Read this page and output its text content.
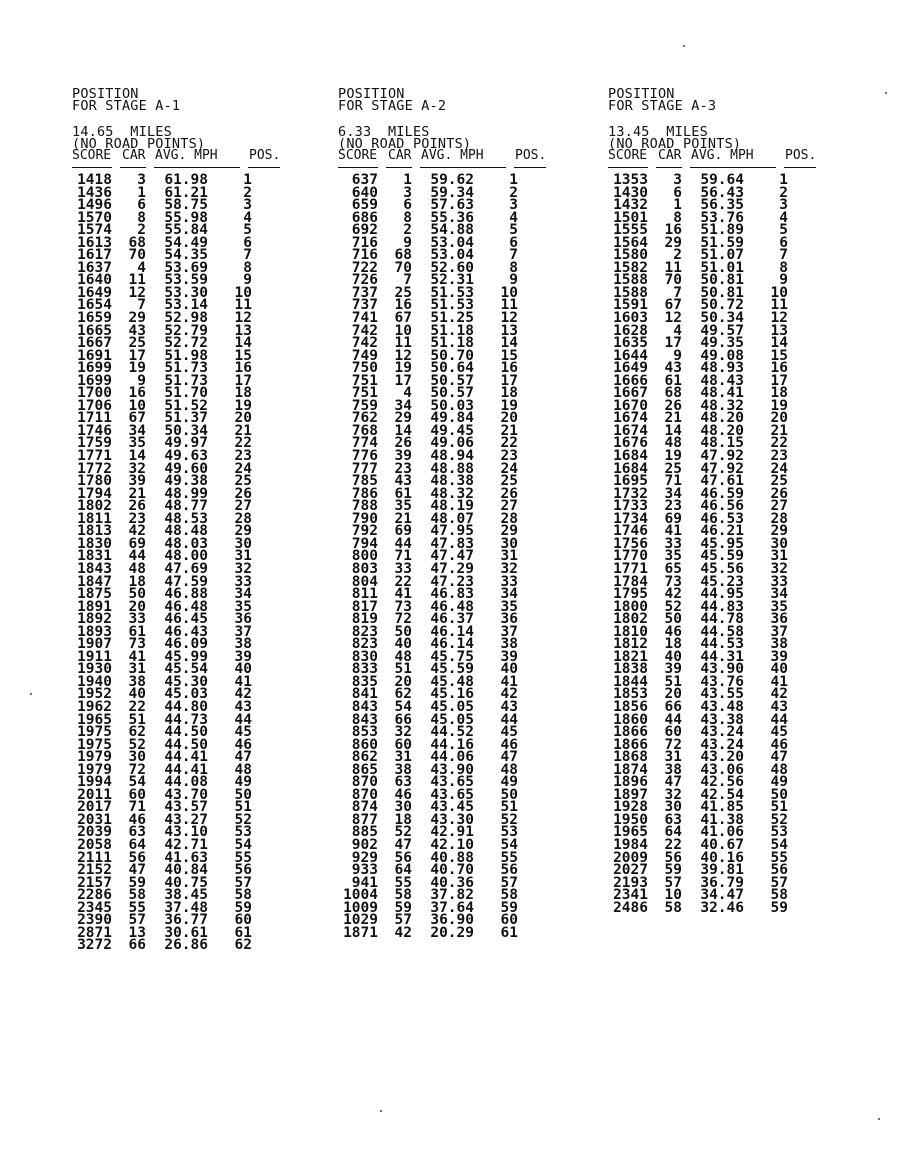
POSITION
FOR STAGE A-1
14.65  MILES
(NO ROAD POINTS)
SCORE CAR AVG. MPH	POS.
1418	3	61.98	1
1436	1	61.21	2
1496	6	58.75	3
1570	8	55.98	4
1574	2	55.84	5
1613	68	54.49	6
1617	70	54.35	7
1637	4	53.69	8
1640	11	53.59	9
1649	12	53.30	10
1654	7	53.14	11
1659	29	52.98	12
1665	43	52.79	13
1667	25	52.72	14
1691	17	51.98	15
1699	19	51.73	16
1699	9	51.73	17
1700	16	51.70	18
1706	10	51.52	19
1711	67	51.37	20
1746	34	50.34	21
1759	35	49.97	22
1771	14	49.63	23
1772	32	49.60	24
1780	39	49.38	25
1794	21	48.99	26
1802	26	48.77	27
1811	23	48.53	28
1813	42	48.48	29
1830	69	48.03	30
1831	44	48.00	31
1843	48	47.69	32
1847	18	47.59	33
1875	50	46.88	34
1891	20	46.48	35
1892	33	46.45	36
1893	61	46.43	37
1907	73	46.09	38
1911	41	45.99	39
1930	31	45.54	40
1940	38	45.30	41
1952	40	45.03	42
1962	22	44.80	43
1965	51	44.73	44
1975	62	44.50	45
1975	52	44.50	46
1979	30	44.41	47
1979	72	44.41	48
1994	54	44.08	49
2011	60	43.70	50
2017	71	43.57	51
2031	46	43.27	52
2039	63	43.10	53
2058	64	42.71	54
2111	56	41.63	55
2152	47	40.84	56
2157	59	40.75	57
2286	58	38.45	58
2345	55	37.48	59
2390	57	36.77	60
2871	13	30.61	61
3272	66	26.86	62
POSITION
FOR STAGE A-2
6.33  MILES
(NO ROAD POINTS)
SCORE CAR AVG. MPH	POS.
637	1	59.62	1
640	3	59.34	2
659	6	57.63	3
686	8	55.36	4
692	2	54.88	5
716	9	53.04	6
716	68	53.04	7
722	70	52.60	8
726	7	52.31	9
737	25	51.53	10
737	16	51.53	11
741	67	51.25	12
742	10	51.18	13
742	11	51.18	14
749	12	50.70	15
750	19	50.64	16
751	17	50.57	17
751	4	50.57	18
759	34	50.03	19
762	29	49.84	20
768	14	49.45	21
774	26	49.06	22
776	39	48.94	23
777	23	48.88	24
785	43	48.38	25
786	61	48.32	26
788	35	48.19	27
790	21	48.07	28
792	69	47.95	29
794	44	47.83	30
800	71	47.47	31
803	33	47.29	32
804	22	47.23	33
811	41	46.83	34
817	73	46.48	35
819	72	46.37	36
823	50	46.14	37
823	40	46.14	38
830	48	45.75	39
833	51	45.59	40
835	20	45.48	41
841	62	45.16	42
843	54	45.05	43
843	66	45.05	44
853	32	44.52	45
860	60	44.16	46
862	31	44.06	47
865	38	43.90	48
870	63	43.65	49
870	46	43.65	50
874	30	43.45	51
877	18	43.30	52
885	52	42.91	53
902	47	42.10	54
929	56	40.88	55
933	64	40.70	56
941	55	40.36	57
1004	58	37.82	58
1009	59	37.64	59
1029	57	36.90	60
1871	42	20.29	61
POSITION
FOR STAGE A-3
13.45  MILES
(NO ROAD POINTS)
SCORE CAR AVG. MPH	POS.
1353	3	59.64	1
1430	6	56.43	2
1432	1	56.35	3
1501	8	53.76	4
1555	16	51.89	5
1564	29	51.59	6
1580	2	51.07	7
1582	11	51.01	8
1588	70	50.81	9
1588	7	50.81	10
1591	67	50.72	11
1603	12	50.34	12
1628	4	49.57	13
1635	17	49.35	14
1644	9	49.08	15
1649	43	48.93	16
1666	61	48.43	17
1667	68	48.41	18
1670	26	48.32	19
1674	21	48.20	20
1674	14	48.20	21
1676	48	48.15	22
1684	19	47.92	23
1684	25	47.92	24
1695	71	47.61	25
1732	34	46.59	26
1733	23	46.56	27
1734	69	46.53	28
1746	41	46.21	29
1756	33	45.95	30
1770	35	45.59	31
1771	65	45.56	32
1784	73	45.23	33
1795	42	44.95	34
1800	52	44.83	35
1802	50	44.78	36
1810	46	44.58	37
1812	18	44.53	38
1821	40	44.31	39
1838	39	43.90	40
1844	51	43.76	41
1853	20	43.55	42
1856	66	43.48	43
1860	44	43.38	44
1866	60	43.24	45
1866	72	43.24	46
1868	31	43.20	47
1874	38	43.06	48
1896	47	42.56	49
1897	32	42.54	50
1928	30	41.85	51
1950	63	41.38	52
1965	64	41.06	53
1984	22	40.67	54
2009	56	40.16	55
2027	59	39.81	56
2193	57	36.79	57
2341	10	34.47	58
2486	58	32.46	59
